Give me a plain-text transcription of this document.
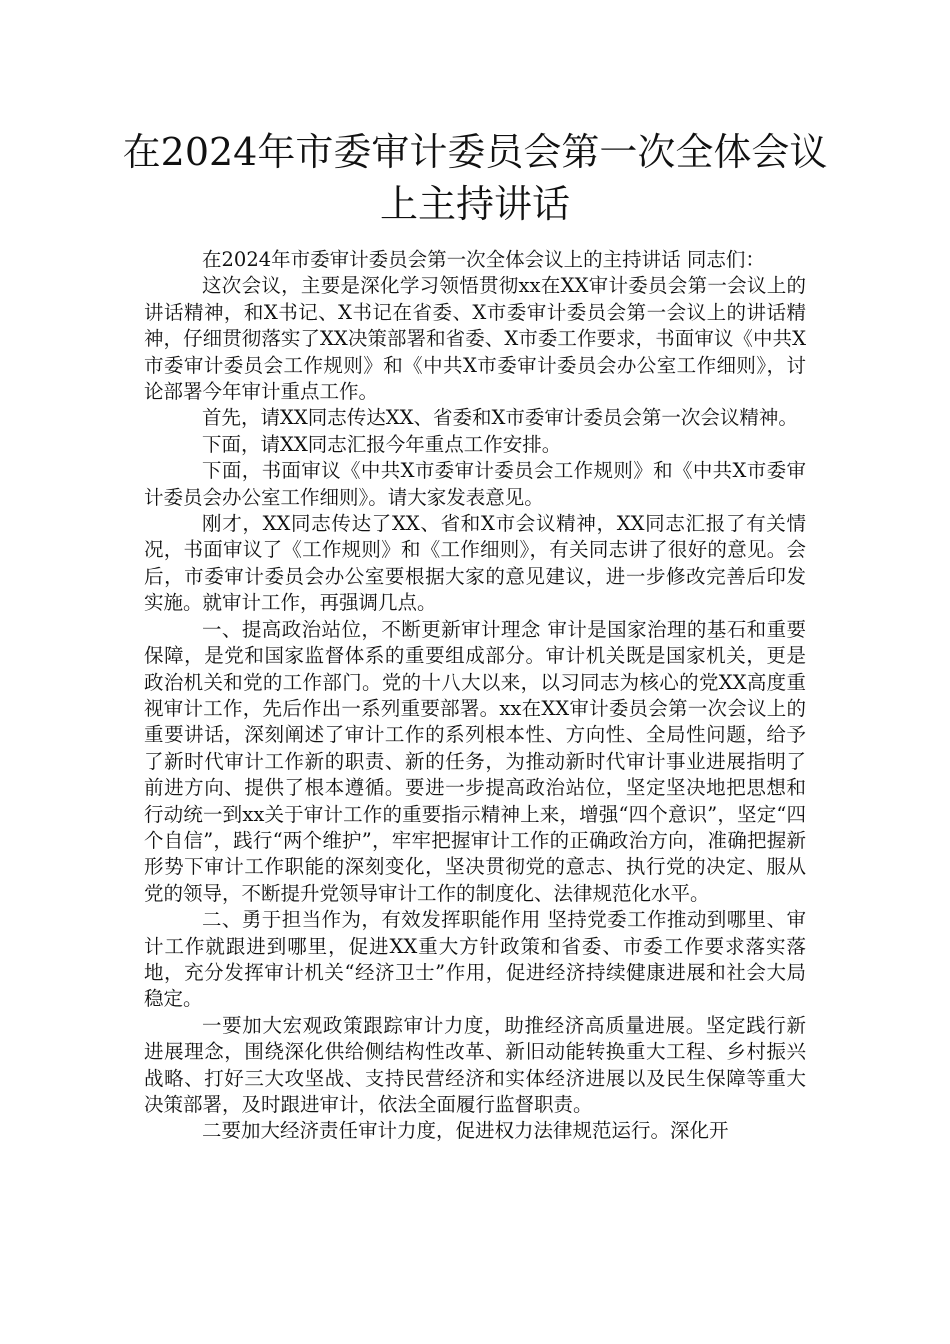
在2024年市委审计委员会第一次全体会议上主持讲话

在2024年市委审计委员会第一次全体会议上的主持讲话 同志们：

这次会议，主要是深化学习领悟贯彻xx在XX审计委员会第一会议上的讲话精神，和X书记、X书记在省委、X市委审计委员会第一会议上的讲话精神，仔细贯彻落实了XX决策部署和省委、X市委工作要求，书面审议《中共X市委审计委员会工作规则》和《中共X市委审计委员会办公室工作细则》，讨论部署今年审计重点工作。

首先，请XX同志传达XX、省委和X市委审计委员会第一次会议精神。

下面，请XX同志汇报今年重点工作安排。

下面，书面审议《中共X市委审计委员会工作规则》和《中共X市委审计委员会办公室工作细则》。请大家发表意见。

刚才，XX同志传达了XX、省和X市会议精神，XX同志汇报了有关情况，书面审议了《工作规则》和《工作细则》，有关同志讲了很好的意见。会后，市委审计委员会办公室要根据大家的意见建议，进一步修改完善后印发实施。就审计工作，再强调几点。

一、提高政治站位，不断更新审计理念 审计是国家治理的基石和重要保障，是党和国家监督体系的重要组成部分。审计机关既是国家机关，更是政治机关和党的工作部门。党的十八大以来，以习同志为核心的党XX高度重视审计工作，先后作出一系列重要部署。xx在XX审计委员会第一次会议上的重要讲话，深刻阐述了审计工作的系列根本性、方向性、全局性问题，给予了新时代审计工作新的职责、新的任务，为推动新时代审计事业进展指明了前进方向、提供了根本遵循。要进一步提高政治站位，坚定坚决地把思想和行动统一到xx关于审计工作的重要指示精神上来，增强“四个意识”，坚定“四个自信”，践行“两个维护”，牢牢把握审计工作的正确政治方向，准确把握新形势下审计工作职能的深刻变化，坚决贯彻党的意志、执行党的决定、服从党的领导，不断提升党领导审计工作的制度化、法律规范化水平。

二、勇于担当作为，有效发挥职能作用 坚持党委工作推动到哪里、审计工作就跟进到哪里，促进XX重大方针政策和省委、市委工作要求落实落地，充分发挥审计机关“经济卫士”作用，促进经济持续健康进展和社会大局稳定。

一要加大宏观政策跟踪审计力度，助推经济高质量进展。坚定践行新进展理念，围绕深化供给侧结构性改革、新旧动能转换重大工程、乡村振兴战略、打好三大攻坚战、支持民营经济和实体经济进展以及民生保障等重大决策部署，及时跟进审计，依法全面履行监督职责。

二要加大经济责任审计力度，促进权力法律规范运行。深化开
